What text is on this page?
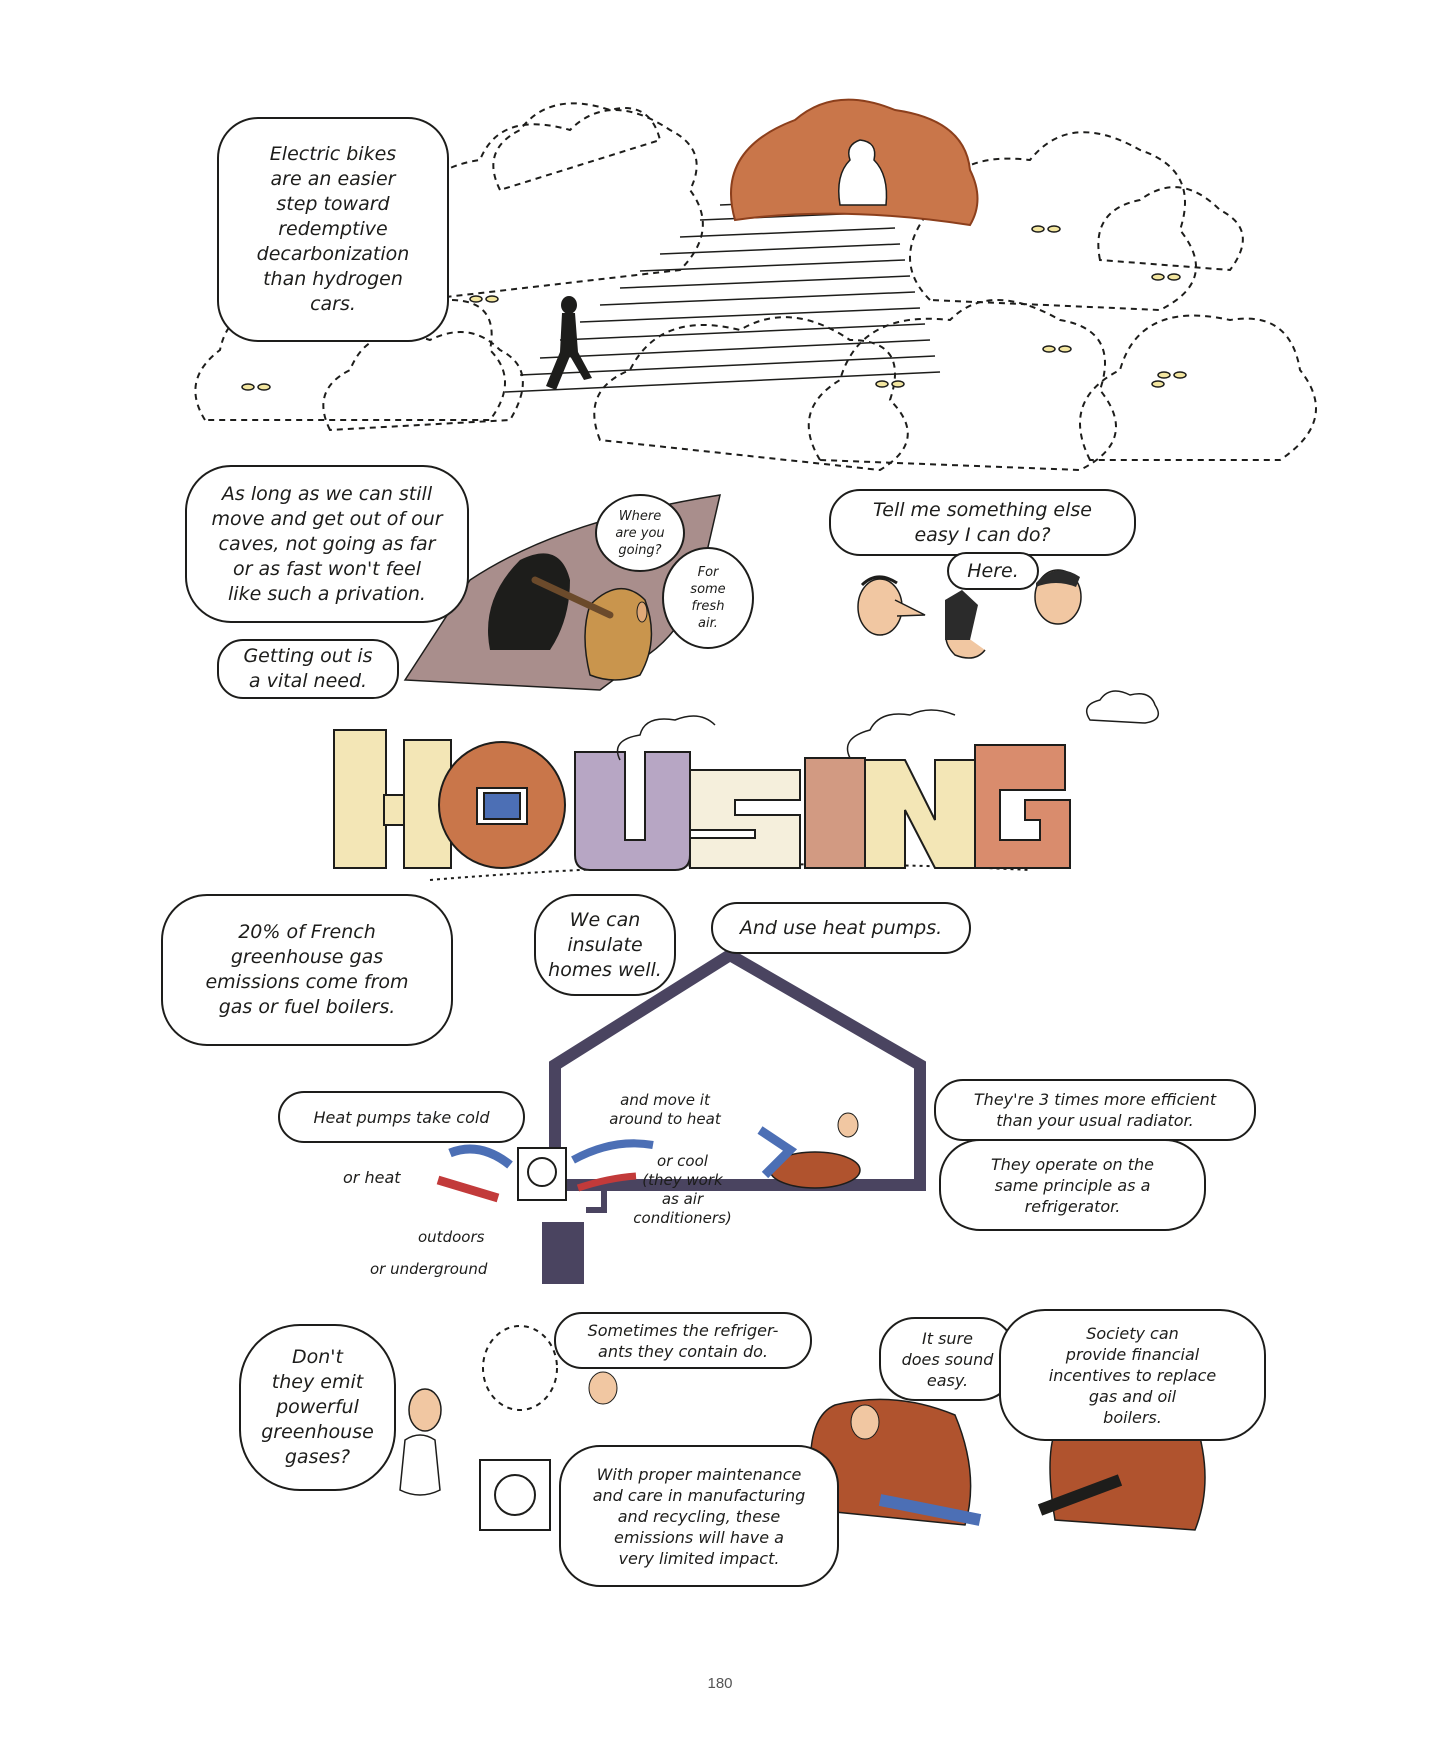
Electric bikes
are an easier
step toward
redemptive
decarbonization
than hydrogen
cars.
As long as we can still
move and get out of our
caves, not going as far
or as fast won't feel
like such a privation.
Getting out is
a vital need.
Where
are you
going?
For
some
fresh
air.
Tell me something else
easy I can do?
Here.
20% of French
greenhouse gas
emissions come from
gas or fuel boilers.
We can
insulate
homes well.
And use heat pumps.
Heat pumps take cold
or heat
and move it
around to heat
or cool
(they work
as air
conditioners)
outdoors
or underground
They're 3 times more efficient
than your usual radiator.
They operate on the
same principle as a
refrigerator.
Don't
they emit
powerful
greenhouse
gases?
Sometimes the refriger-
ants they contain do.
With proper maintenance
and care in manufacturing
and recycling, these
emissions will have a
very limited impact.
It sure
does sound
easy.
Society can
provide financial
incentives to replace
gas and oil
boilers.
180
